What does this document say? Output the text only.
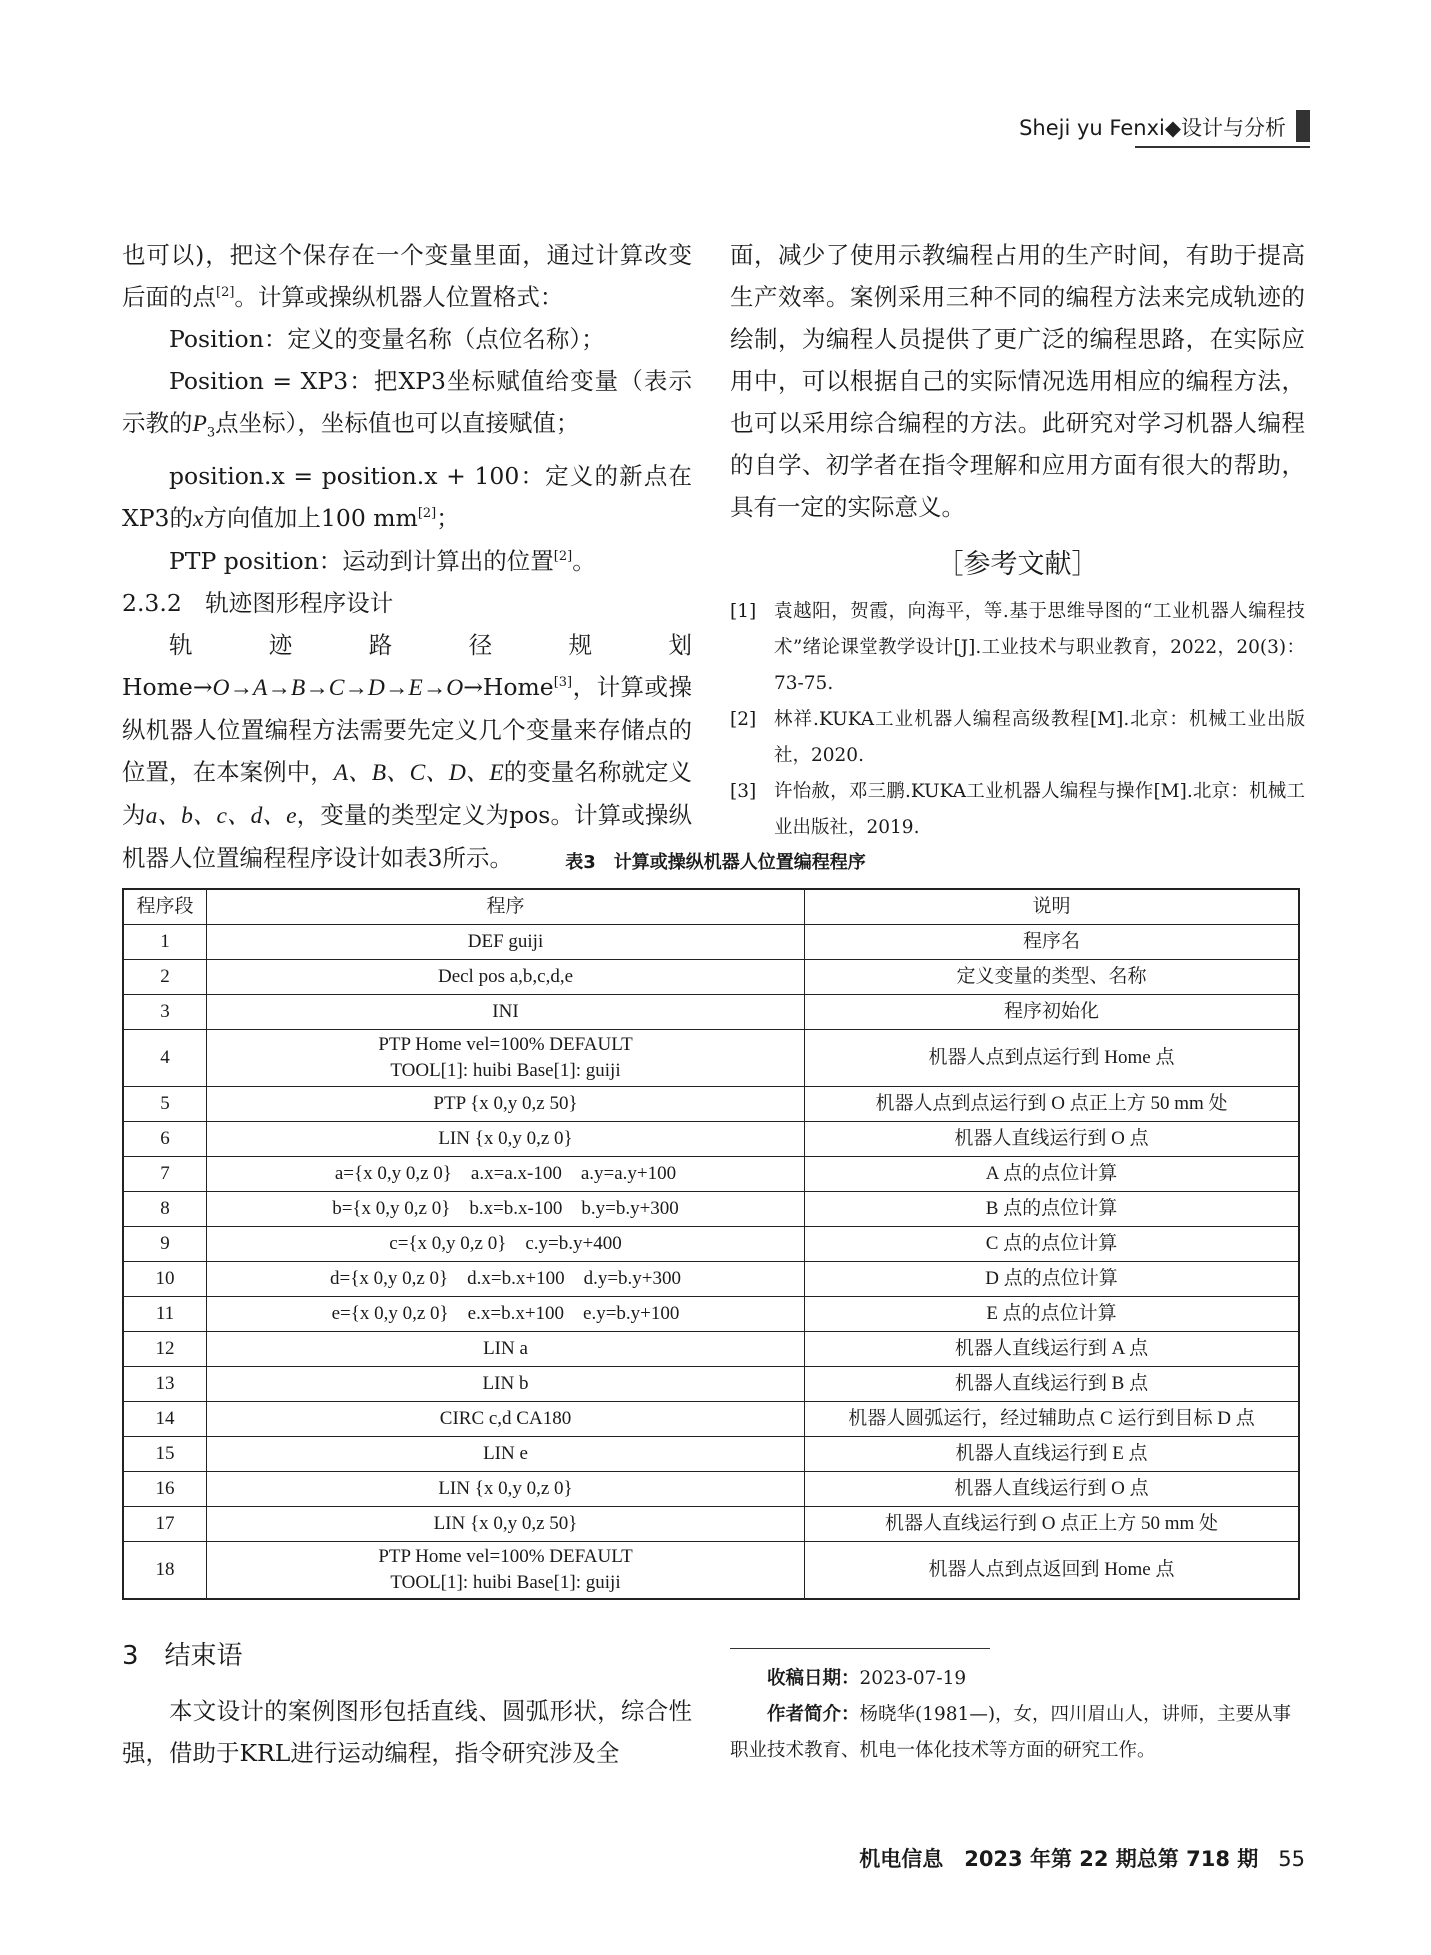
Sheji yu Fenxi◆设计与分析

也可以)，把这个保存在一个变量里面，通过计算改变后面的点[2]。计算或操纵机器人位置格式：

Position：定义的变量名称（点位名称）；

Position = XP3：把XP3坐标赋值给变量（表示示教的$P_3$点坐标），坐标值也可以直接赋值；

position.x = position.x + 100：定义的新点在XP3的x方向值加上100 mm[2]；

PTP position：运动到计算出的位置[2]。

2.3.2　轨迹图形程序设计

轨迹路径规划Home→O→A→B→C→D→E→O→Home[3]，计算或操纵机器人位置编程方法需要先定义几个变量来存储点的位置，在本案例中，A、B、C、D、E的变量名称就定义为a、b、c、d、e，变量的类型定义为pos。计算或操纵机器人位置编程程序设计如表3所示。

面，减少了使用示教编程占用的生产时间，有助于提高生产效率。案例采用三种不同的编程方法来完成轨迹的绘制，为编程人员提供了更广泛的编程思路，在实际应用中，可以根据自己的实际情况选用相应的编程方法，也可以采用综合编程的方法。此研究对学习机器人编程的自学、初学者在指令理解和应用方面有很大的帮助，具有一定的实际意义。

［参考文献］
[1] 袁越阳，贺霞，向海平，等.基于思维导图的“工业机器人编程技术”绪论课堂教学设计[J].工业技术与职业教育，2022，20(3)：73-75.
[2] 林祥.KUKA工业机器人编程高级教程[M].北京：机械工业出版社，2020.
[3] 许怡赦，邓三鹏.KUKA工业机器人编程与操作[M].北京：机械工业出版社，2019.
表3　计算或操纵机器人位置编程程序
程序段	程序	说明
1	DEF guiji	程序名
2	Decl pos a,b,c,d,e	定义变量的类型、名称
3	INI	程序初始化
4	PTP Home vel=100% DEFAULT
TOOL[1]: huibi Base[1]: guiji	机器人点到点运行到 Home 点
5	PTP {x 0,y 0,z 50}	机器人点到点运行到 O 点正上方 50 mm 处
6	LIN {x 0,y 0,z 0}	机器人直线运行到 O 点
7	a={x 0,y 0,z 0}　a.x=a.x-100　a.y=a.y+100	A 点的点位计算
8	b={x 0,y 0,z 0}　b.x=b.x-100　b.y=b.y+300	B 点的点位计算
9	c={x 0,y 0,z 0}　c.y=b.y+400	C 点的点位计算
10	d={x 0,y 0,z 0}　d.x=b.x+100　d.y=b.y+300	D 点的点位计算
11	e={x 0,y 0,z 0}　e.x=b.x+100　e.y=b.y+100	E 点的点位计算
12	LIN a	机器人直线运行到 A 点
13	LIN b	机器人直线运行到 B 点
14	CIRC c,d CA180	机器人圆弧运行，经过辅助点 C 运行到目标 D 点
15	LIN e	机器人直线运行到 E 点
16	LIN {x 0,y 0,z 0}	机器人直线运行到 O 点
17	LIN {x 0,y 0,z 50}	机器人直线运行到 O 点正上方 50 mm 处
18	PTP Home vel=100% DEFAULT
TOOL[1]: huibi Base[1]: guiji	机器人点到点返回到 Home 点
3　结束语

本文设计的案例图形包括直线、圆弧形状，综合性强，借助于KRL进行运动编程，指令研究涉及全

收稿日期：2023-07-19

作者简介：杨晓华(1981—)，女，四川眉山人，讲师，主要从事职业技术教育、机电一体化技术等方面的研究工作。

机电信息　2023 年第 22 期总第 718 期 55
